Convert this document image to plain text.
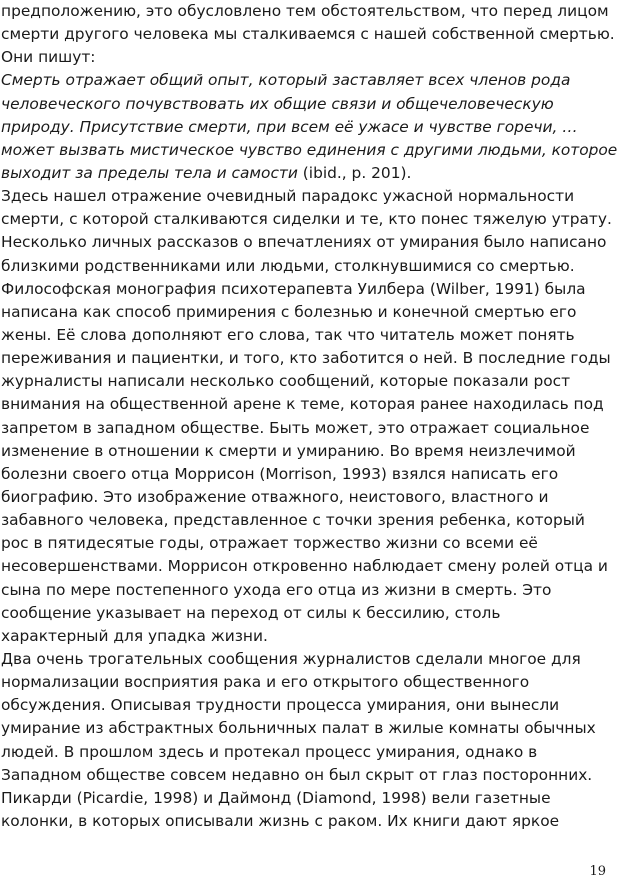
предположению, это обусловлено тем обстоятельством, что перед лицом
смерти другого человека мы сталкиваемся с нашей собственной смертью.
Они пишут:
Смерть отражает общий опыт, который заставляет всех членов рода
человеческого почувствовать их общие связи и общечеловеческую
природу. Присутствие смерти, при всем её ужасе и чувстве горечи, …
может вызвать мистическое чувство единения с другими людьми, которое
выходит за пределы тела и самости (ibid., p. 201).
Здесь нашел отражение очевидный парадокс ужасной нормальности
смерти, с которой сталкиваются сиделки и те, кто понес тяжелую утрату.
Несколько личных рассказов о впечатлениях от умирания было написано
близкими родственниками или людьми, столкнувшимися со смертью.
Философская монография психотерапевта Уилбера (Wilber, 1991) была
написана как способ примирения с болезнью и конечной смертью его
жены. Её слова дополняют его слова, так что читатель может понять
переживания и пациентки, и того, кто заботится о ней. В последние годы
журналисты написали несколько сообщений, которые показали рост
внимания на общественной арене к теме, которая ранее находилась под
запретом в западном обществе. Быть может, это отражает социальное
изменение в отношении к смерти и умиранию. Во время неизлечимой
болезни своего отца Моррисон (Morrison, 1993) взялся написать его
биографию. Это изображение отважного, неистового, властного и
забавного человека, представленное с точки зрения ребенка, который
рос в пятидесятые годы, отражает торжество жизни со всеми её
несовершенствами. Моррисон откровенно наблюдает смену ролей отца и
сына по мере постепенного ухода его отца из жизни в смерть. Это
сообщение указывает на переход от силы к бессилию, столь
характерный для упадка жизни.
Два очень трогательных сообщения журналистов сделали многое для
нормализации восприятия рака и его открытого общественного
обсуждения. Описывая трудности процесса умирания, они вынесли
умирание из абстрактных больничных палат в жилые комнаты обычных
людей. В прошлом здесь и протекал процесс умирания, однако в
Западном обществе совсем недавно он был скрыт от глаз посторонних.
Пикарди (Picardie, 1998) и Даймонд (Diamond, 1998) вели газетные
колонки, в которых описывали жизнь с раком. Их книги дают яркое
19
